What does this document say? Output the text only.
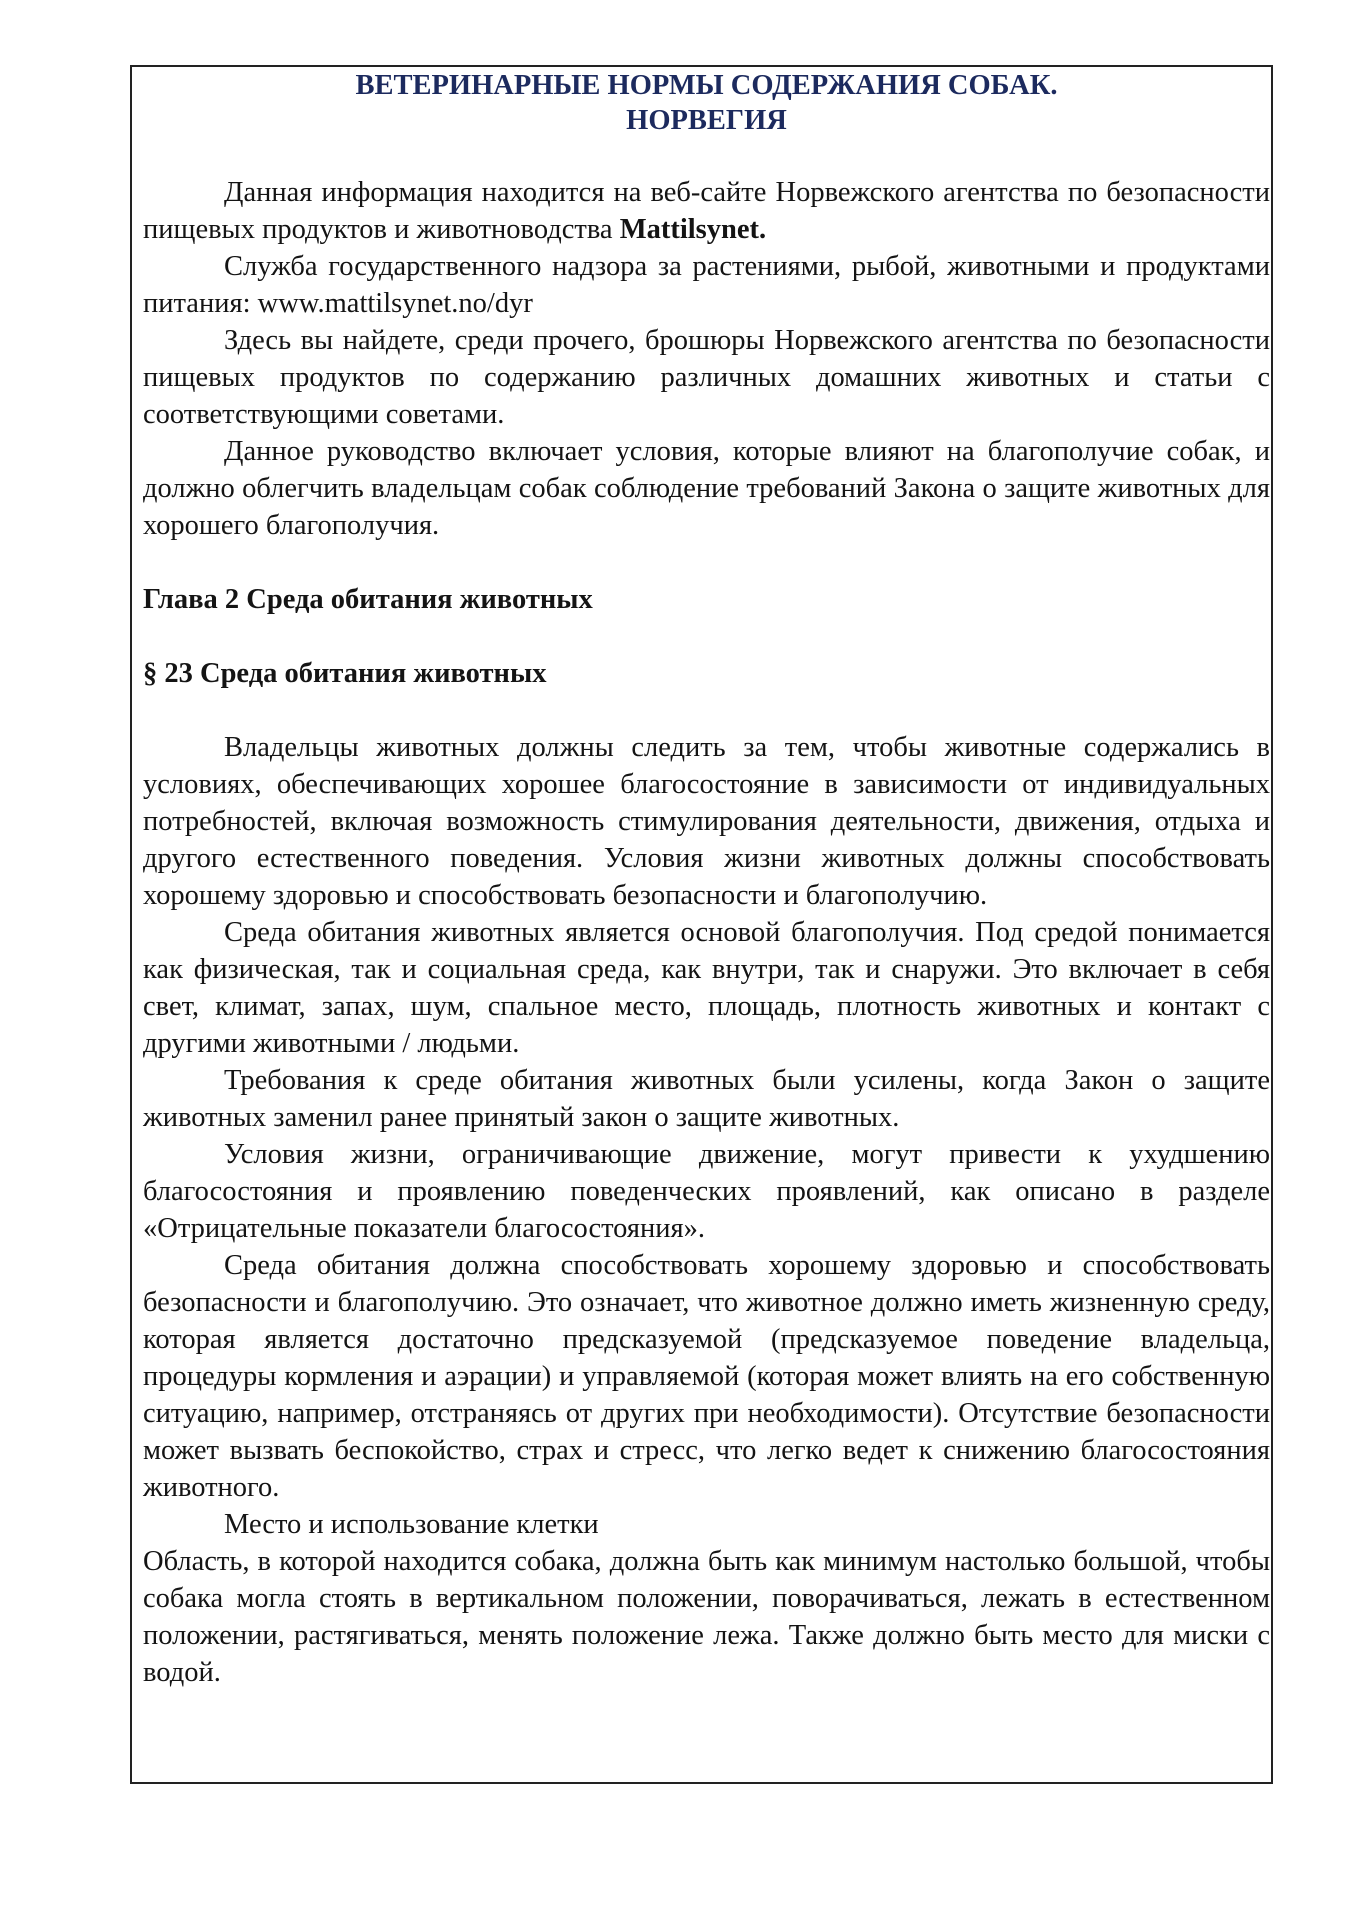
ВЕТЕРИНАРНЫЕ НОРМЫ СОДЕРЖАНИЯ СОБАК.
НОРВЕГИЯ

Данная информация находится на веб-сайте Норвежского агентства по безопасности пищевых продуктов и животноводства Mattilsynet.

Служба государственного надзора за растениями, рыбой, животными и продуктами питания: www.mattilsynet.no/dyr

Здесь вы найдете, среди прочего, брошюры Норвежского агентства по безопасности пищевых продуктов по содержанию различных домашних животных и статьи с соответствующими советами.

Данное руководство включает условия, которые влияют на благополучие собак, и должно облегчить владельцам собак соблюдение требований Закона о защите животных для хорошего благополучия.

Глава 2 Среда обитания животных
§ 23 Среда обитания животных

Владельцы животных должны следить за тем, чтобы животные содержались в условиях, обеспечивающих хорошее благосостояние в зависимости от индивидуальных потребностей, включая возможность стимулирования деятельности, движения, отдыха и другого естественного поведения. Условия жизни животных должны способствовать хорошему здоровью и способствовать безопасности и благополучию.

Среда обитания животных является основой благополучия. Под средой понимается как физическая, так и социальная среда, как внутри, так и снаружи. Это включает в себя свет, климат, запах, шум, спальное место, площадь, плотность животных и контакт с другими животными / людьми.

Требования к среде обитания животных были усилены, когда Закон о защите животных заменил ранее принятый закон о защите животных.

Условия жизни, ограничивающие движение, могут привести к ухудшению благосостояния и проявлению поведенческих проявлений, как описано в разделе «Отрицательные показатели благосостояния».

Среда обитания должна способствовать хорошему здоровью и способствовать безопасности и благополучию. Это означает, что животное должно иметь жизненную среду, которая является достаточно предсказуемой (предсказуемое поведение владельца, процедуры кормления и аэрации) и управляемой (которая может влиять на его собственную ситуацию, например, отстраняясь от других при необходимости). Отсутствие безопасности может вызвать беспокойство, страх и стресс, что легко ведет к снижению благосостояния животного.

Место и использование клетки

Область, в которой находится собака, должна быть как минимум настолько большой, чтобы собака могла стоять в вертикальном положении, поворачиваться, лежать в естественном положении, растягиваться, менять положение лежа. Также должно быть место для миски с водой.
